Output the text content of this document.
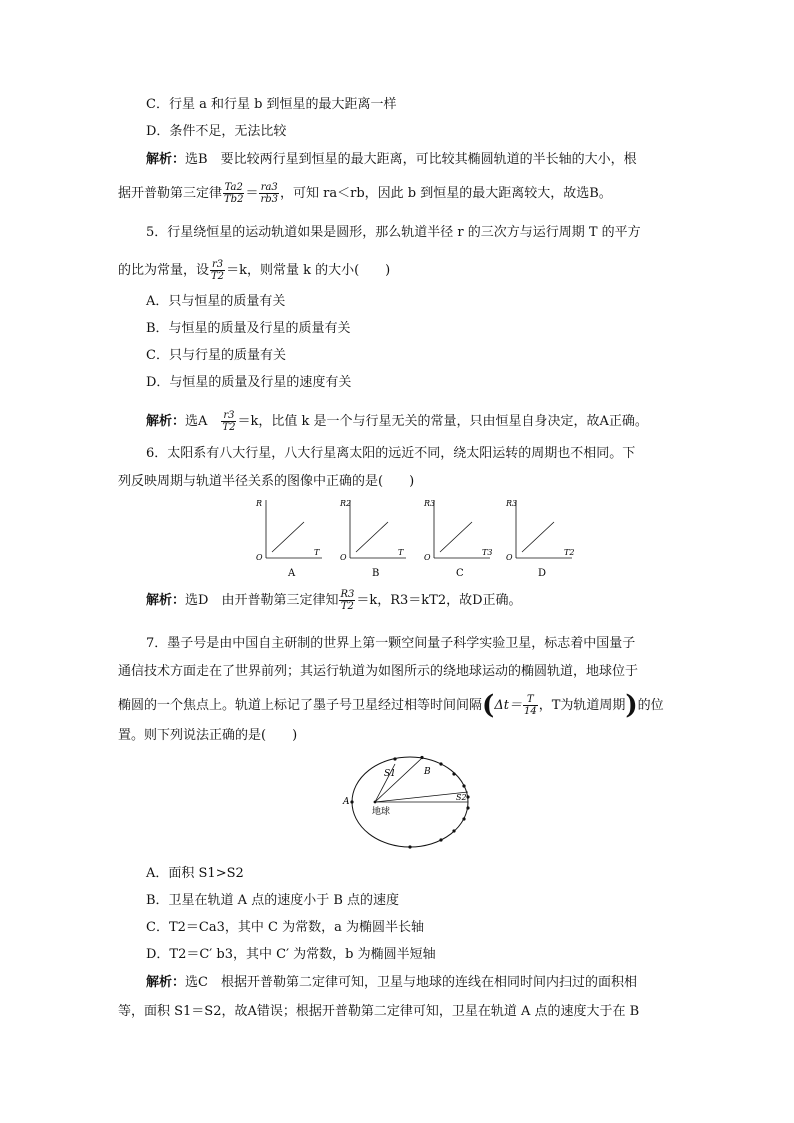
C．行星 a 和行星 b 到恒星的最大距离一样
D．条件不足，无法比较
解析：选B　要比较两行星到恒星的最大距离，可比较其椭圆轨道的半长轴的大小，根
据开普勒第三定律 $\frac{Ta2}{Tb2} = \frac{ra3}{rb3}$ ，可知 ra＜rb，因此 b 到恒星的最大距离较大，故选B。
5．行星绕恒星的运动轨道如果是圆形，那么轨道半径 r 的三次方与运行周期 T 的平方
的比为常量，设 $\frac{r3}{T2} =k$，则常量 k 的大小(　　)
A．只与恒星的质量有关
B．与恒星的质量及行星的质量有关
C．只与行星的质量有关
D．与恒星的质量及行星的速度有关
解析：选A　 $\frac{r3}{T2} =k$，比值 k 是一个与行星无关的常量，只由恒星自身决定，故A正确。
6．太阳系有八大行星，八大行星离太阳的远近不同，绕太阳运转的周期也不相同。下
列反映周期与轨道半径关系的图像中正确的是(　　)
R
T
O
A
R2
T
O
B
R3
T3
O
C
R3
T2
O
D
解析：选D　由开普勒第三定律知 $\frac{R3}{T2} =k$，R3＝kT2，故D正确。
7．墨子号是由中国自主研制的世界上第一颗空间量子科学实验卫星，标志着中国量子
通信技术方面走在了世界前列；其运行轨道为如图所示的绕地球运动的椭圆轨道，地球位于
椭圆的一个焦点上。轨道上标记了墨子号卫星经过相等时间间隔($\Delta t= \frac{T}{14}$ ，T为轨道周期)的位
置。则下列说法正确的是(　　)
S1	B
A	S2
地球
A．面积 S1>S2
B．卫星在轨道 A 点的速度小于 B 点的速度
C．T2＝Ca3，其中 C 为常数，a 为椭圆半长轴
D．T2＝C′ b3，其中 C′ 为常数，b 为椭圆半短轴
解析：选C　根据开普勒第二定律可知，卫星与地球的连线在相同时间内扫过的面积相
等，面积 S1＝S2，故A错误；根据开普勒第二定律可知，卫星在轨道 A 点的速度大于在 B
